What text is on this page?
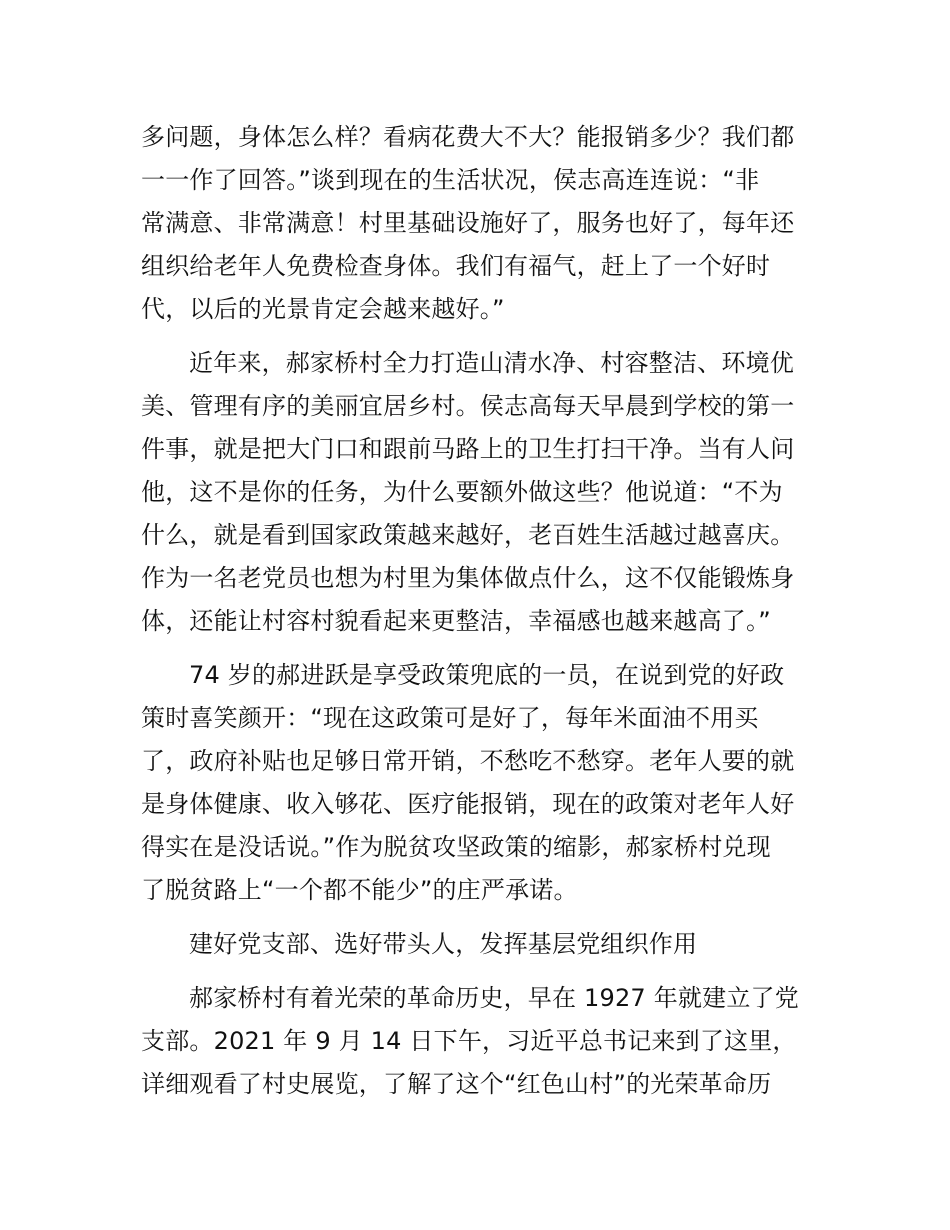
多问题，身体怎么样？看病花费大不大？能报销多少？我们都
一一作了回答。”谈到现在的生活状况，侯志高连连说：“非
常满意、非常满意！村里基础设施好了，服务也好了，每年还
组织给老年人免费检查身体。我们有福气，赶上了一个好时
代，以后的光景肯定会越来越好。”
近年来，郝家桥村全力打造山清水净、村容整洁、环境优
美、管理有序的美丽宜居乡村。侯志高每天早晨到学校的第一
件事，就是把大门口和跟前马路上的卫生打扫干净。当有人问
他，这不是你的任务，为什么要额外做这些？他说道：“不为
什么，就是看到国家政策越来越好，老百姓生活越过越喜庆。
作为一名老党员也想为村里为集体做点什么，这不仅能锻炼身
体，还能让村容村貌看起来更整洁，幸福感也越来越高了。”
74 岁的郝进跃是享受政策兜底的一员，在说到党的好政
策时喜笑颜开：“现在这政策可是好了，每年米面油不用买
了，政府补贴也足够日常开销，不愁吃不愁穿。老年人要的就
是身体健康、收入够花、医疗能报销，现在的政策对老年人好
得实在是没话说。”作为脱贫攻坚政策的缩影，郝家桥村兑现
了脱贫路上“一个都不能少”的庄严承诺。
建好党支部、选好带头人，发挥基层党组织作用
郝家桥村有着光荣的革命历史，早在 1927 年就建立了党
支部。2021 年 9 月 14 日下午，习近平总书记来到了这里，
详细观看了村史展览，了解了这个“红色山村”的光荣革命历
